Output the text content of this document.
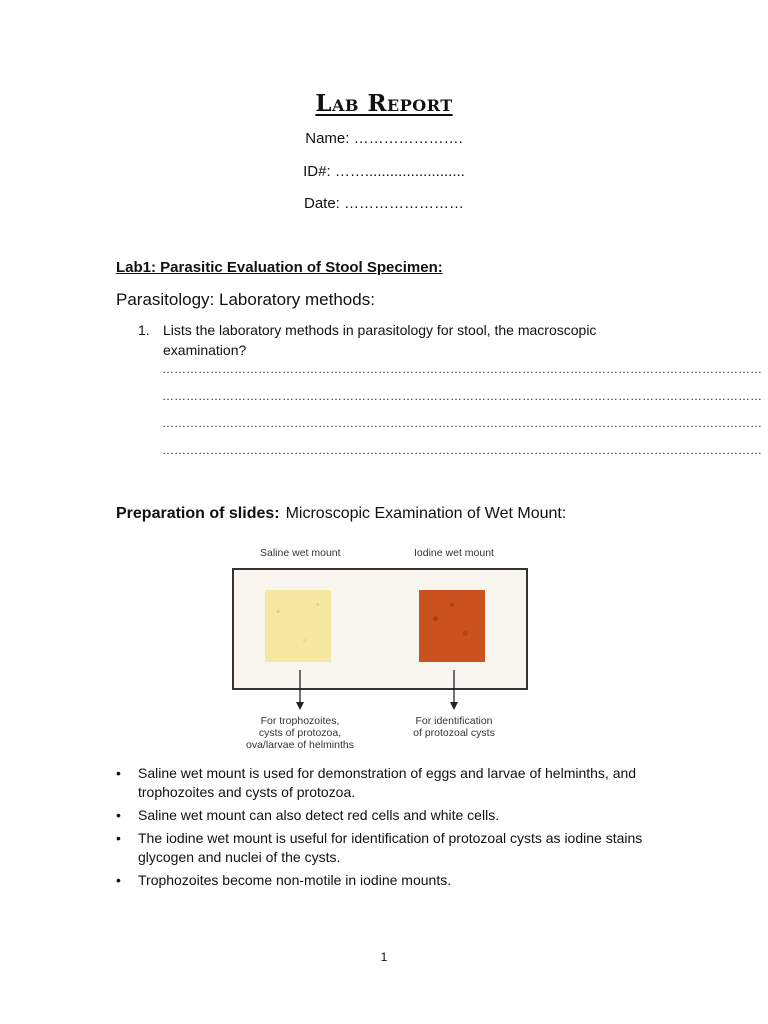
Lab Report
Name: ………………….
ID#: ……........................
Date: ……………………
Lab1: Parasitic Evaluation of Stool Specimen:
Parasitology: Laboratory methods:
1. Lists the laboratory methods in parasitology for stool, the macroscopic examination?
……………………………………………………………………………………………………………………………………
……………………………………………………………………………………………………………………………………
……………………………………………………………………………………………………………………………………
……………………………………………………………………………………………………………………………………
Preparation of slides: Microscopic Examination of Wet Mount:
Saline wet mount	Iodine wet mount
For trophozoites,
cysts of protozoa,
ova/larvae of helminths
For identification
of protozoal cysts
• Saline wet mount is used for demonstration of eggs and larvae of helminths, and trophozoites and cysts of protozoa.
• Saline wet mount can also detect red cells and white cells.
• The iodine wet mount is useful for identification of protozoal cysts as iodine stains glycogen and nuclei of the cysts.
• Trophozoites become non-motile in iodine mounts.
1
